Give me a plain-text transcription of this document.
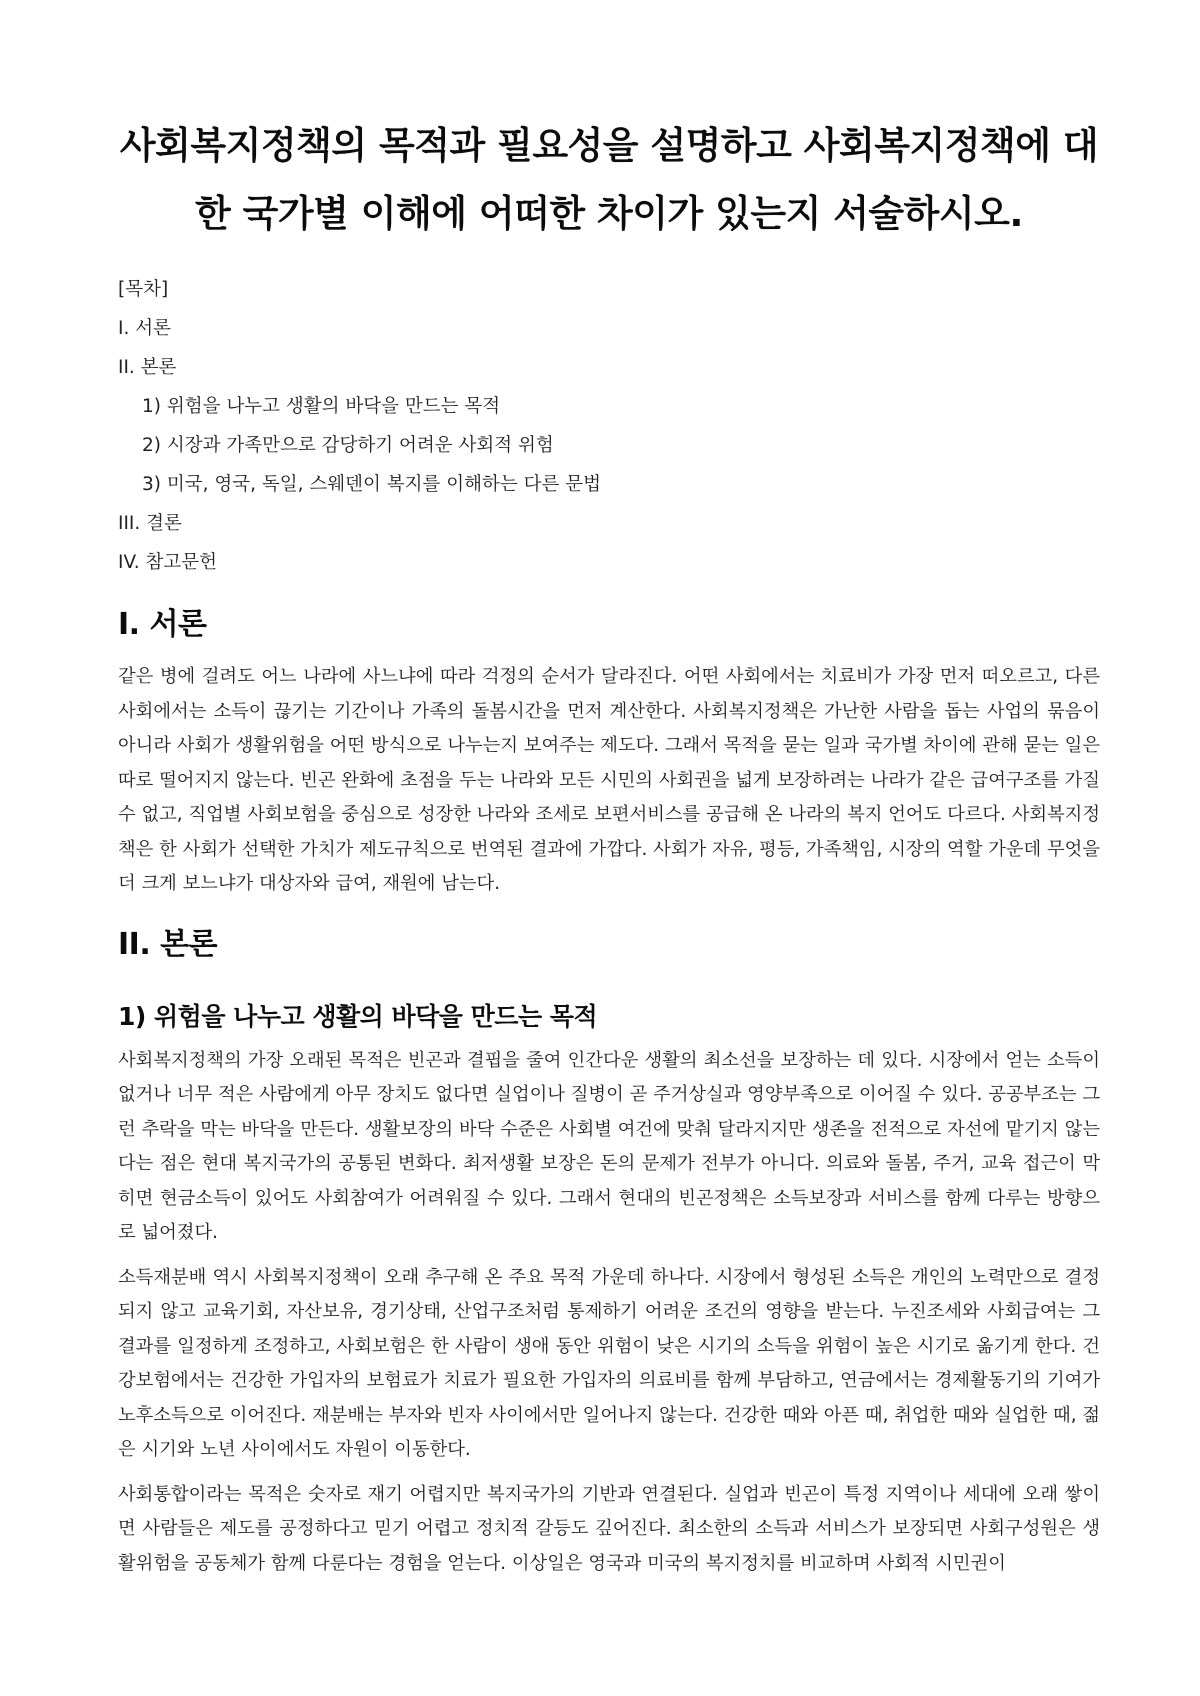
사회복지정책의 목적과 필요성을 설명하고 사회복지정책에 대한 국가별 이해에 어떠한 차이가 있는지 서술하시오.
[목차]
I. 서론
II. 본론
1) 위험을 나누고 생활의 바닥을 만드는 목적
2) 시장과 가족만으로 감당하기 어려운 사회적 위험
3) 미국, 영국, 독일, 스웨덴이 복지를 이해하는 다른 문법
III. 결론
IV. 참고문헌
I. 서론

같은 병에 걸려도 어느 나라에 사느냐에 따라 걱정의 순서가 달라진다. 어떤 사회에서는 치료비가 가장 먼저 떠오르고, 다른 사회에서는 소득이 끊기는 기간이나 가족의 돌봄시간을 먼저 계산한다. 사회복지정책은 가난한 사람을 돕는 사업의 묶음이 아니라 사회가 생활위험을 어떤 방식으로 나누는지 보여주는 제도다. 그래서 목적을 묻는 일과 국가별 차이에 관해 묻는 일은 따로 떨어지지 않는다. 빈곤 완화에 초점을 두는 나라와 모든 시민의 사회권을 넓게 보장하려는 나라가 같은 급여구조를 가질 수 없고, 직업별 사회보험을 중심으로 성장한 나라와 조세로 보편서비스를 공급해 온 나라의 복지 언어도 다르다. 사회복지정책은 한 사회가 선택한 가치가 제도규칙으로 번역된 결과에 가깝다. 사회가 자유, 평등, 가족책임, 시장의 역할 가운데 무엇을 더 크게 보느냐가 대상자와 급여, 재원에 남는다.

II. 본론
1) 위험을 나누고 생활의 바닥을 만드는 목적

사회복지정책의 가장 오래된 목적은 빈곤과 결핍을 줄여 인간다운 생활의 최소선을 보장하는 데 있다. 시장에서 얻는 소득이 없거나 너무 적은 사람에게 아무 장치도 없다면 실업이나 질병이 곧 주거상실과 영양부족으로 이어질 수 있다. 공공부조는 그런 추락을 막는 바닥을 만든다. 생활보장의 바닥 수준은 사회별 여건에 맞춰 달라지지만 생존을 전적으로 자선에 맡기지 않는다는 점은 현대 복지국가의 공통된 변화다. 최저생활 보장은 돈의 문제가 전부가 아니다. 의료와 돌봄, 주거, 교육 접근이 막히면 현금소득이 있어도 사회참여가 어려워질 수 있다. 그래서 현대의 빈곤정책은 소득보장과 서비스를 함께 다루는 방향으로 넓어졌다.

소득재분배 역시 사회복지정책이 오래 추구해 온 주요 목적 가운데 하나다. 시장에서 형성된 소득은 개인의 노력만으로 결정되지 않고 교육기회, 자산보유, 경기상태, 산업구조처럼 통제하기 어려운 조건의 영향을 받는다. 누진조세와 사회급여는 그 결과를 일정하게 조정하고, 사회보험은 한 사람이 생애 동안 위험이 낮은 시기의 소득을 위험이 높은 시기로 옮기게 한다. 건강보험에서는 건강한 가입자의 보험료가 치료가 필요한 가입자의 의료비를 함께 부담하고, 연금에서는 경제활동기의 기여가 노후소득으로 이어진다. 재분배는 부자와 빈자 사이에서만 일어나지 않는다. 건강한 때와 아픈 때, 취업한 때와 실업한 때, 젊은 시기와 노년 사이에서도 자원이 이동한다.

사회통합이라는 목적은 숫자로 재기 어렵지만 복지국가의 기반과 연결된다. 실업과 빈곤이 특정 지역이나 세대에 오래 쌓이면 사람들은 제도를 공정하다고 믿기 어렵고 정치적 갈등도 깊어진다. 최소한의 소득과 서비스가 보장되면 사회구성원은 생활위험을 공동체가 함께 다룬다는 경험을 얻는다. 이상일은 영국과 미국의 복지정치를 비교하며 사회적 시민권이
